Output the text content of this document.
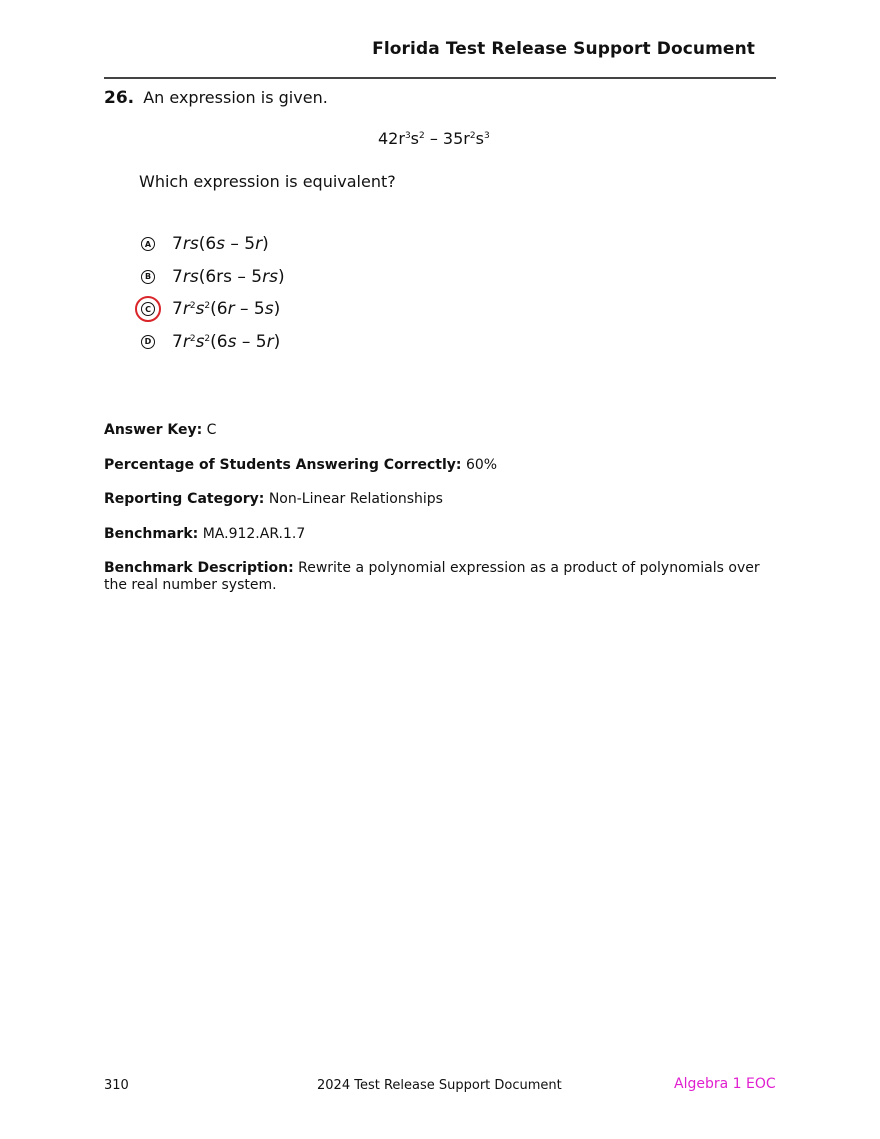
Florida Test Release Support Document
26. An expression is given.
$42r^3s^2 - 35r^2s^3$
Which expression is equivalent?
A 7rs(6s – 5r)
B 7rs(6rs – 5rs)
C $7r^2s^2(6r - 5s)$
D $7r^2s^2(6s - 5r)$
Answer Key: C
Percentage of Students Answering Correctly: 60%
Reporting Category: Non-Linear Relationships
Benchmark: MA.912.AR.1.7
Benchmark Description: Rewrite a polynomial expression as a product of polynomials over the real number system.
310	2024 Test Release Support Document	Algebra 1 EOC
